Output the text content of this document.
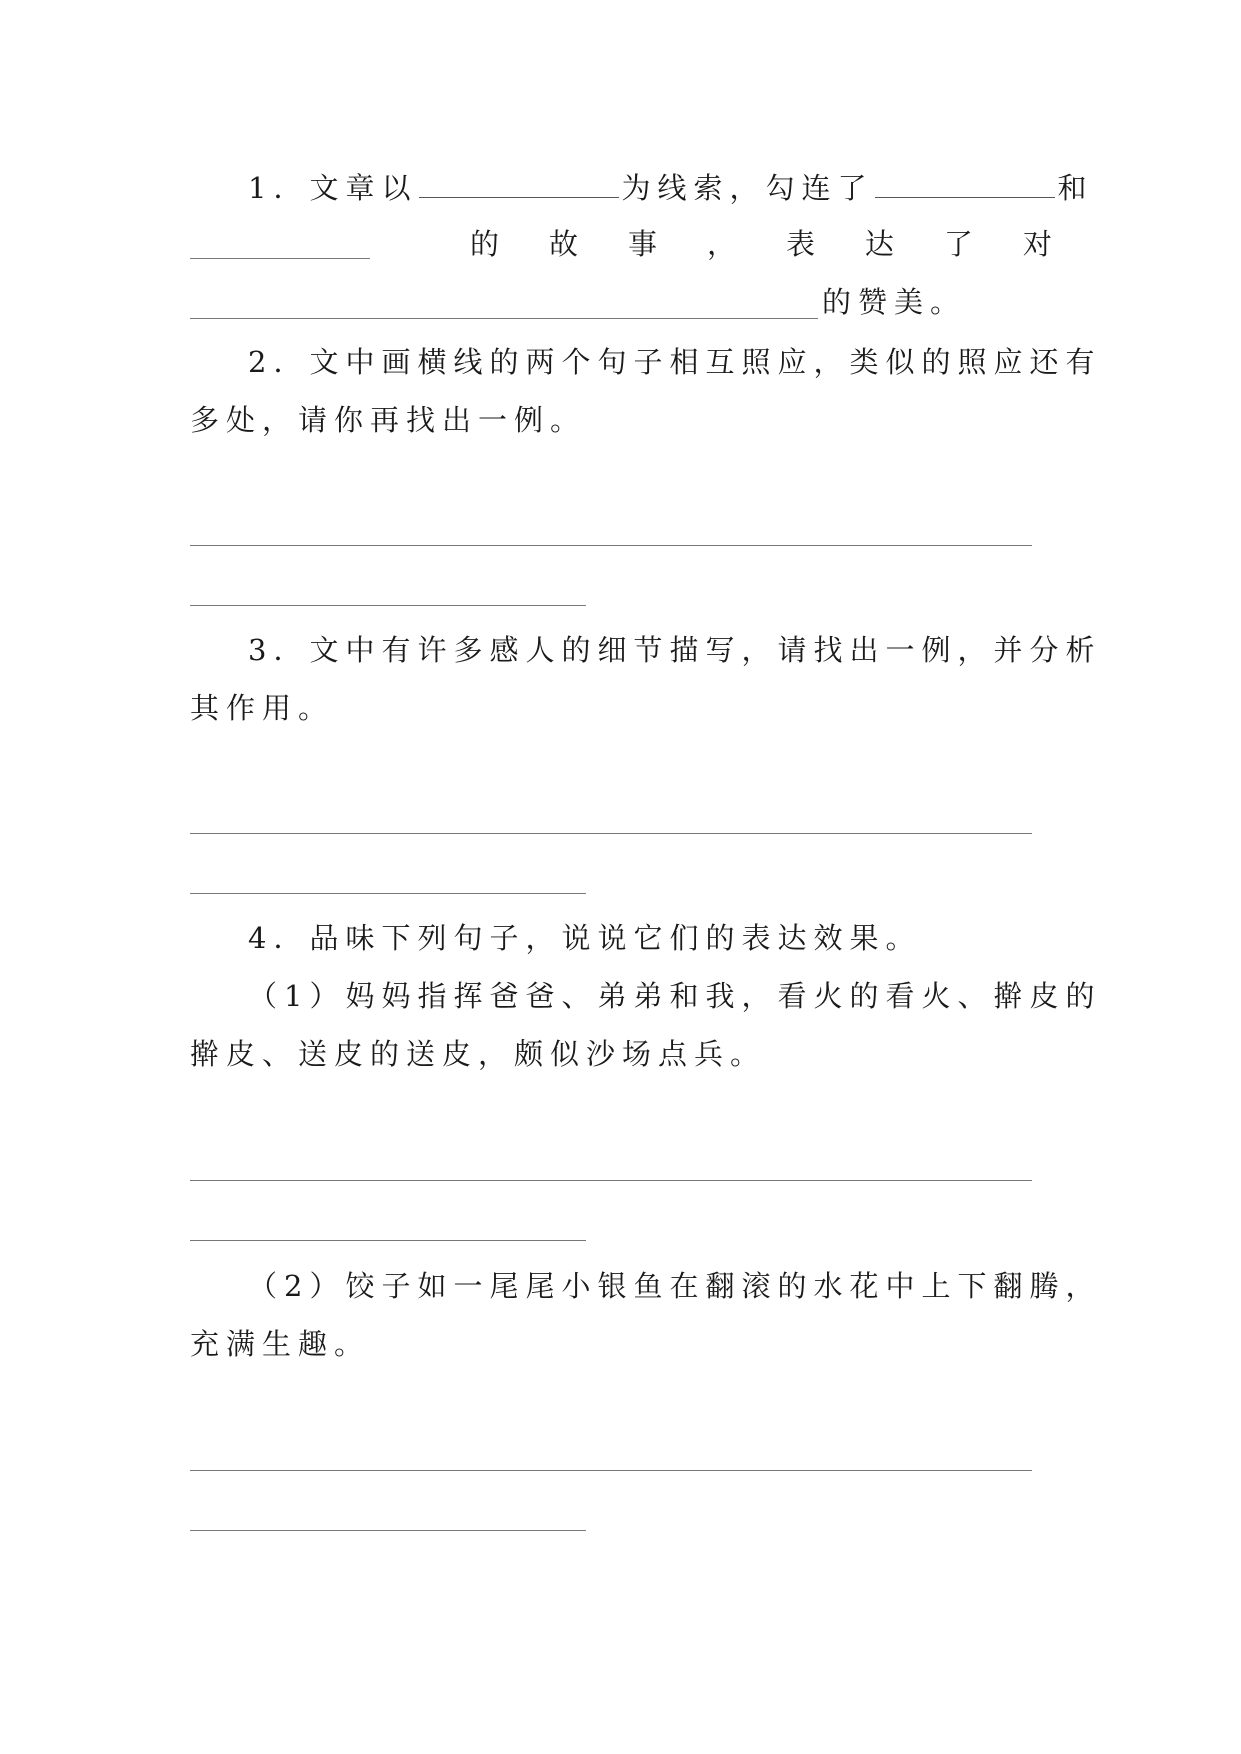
1．文章以	为线索，勾连了	和
的 故 事 ， 表 达 了 对
的赞美。
2．文中画横线的两个句子相互照应，类似的照应还有
多处，请你再找出一例。
3．文中有许多感人的细节描写，请找出一例，并分析
其作用。
4．品味下列句子，说说它们的表达效果。
（1）妈妈指挥爸爸、弟弟和我，看火的看火、擀皮的
擀皮、送皮的送皮，颇似沙场点兵。
（2）饺子如一尾尾小银鱼在翻滚的水花中上下翻腾，
充满生趣。
